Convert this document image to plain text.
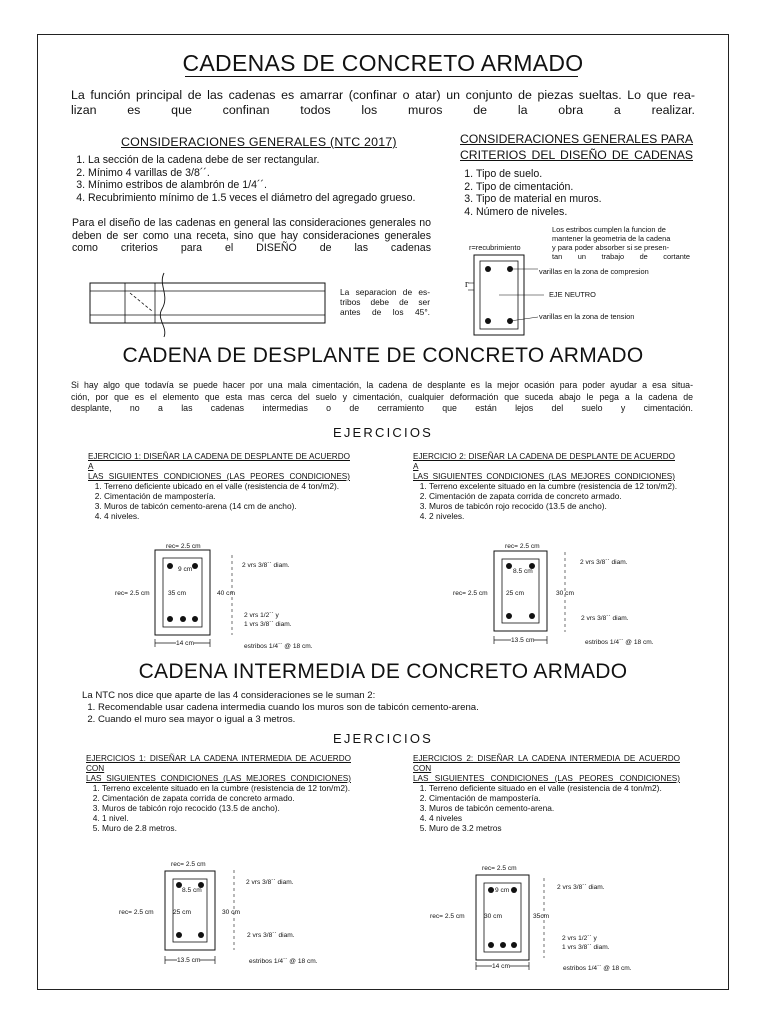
CADENAS DE CONCRETO ARMADO
La función principal de las cadenas es amarrar (confinar o atar) un conjunto de piezas sueltas. Lo que rea-
lizan es que confinan todos los muros de la obra a realizar.
CONSIDERACIONES GENERALES (NTC 2017)
1. La sección de la cadena debe de ser rectangular.
2. Mínimo 4 varillas de 3/8´´.
3. Mínimo estribos de alambrón de 1/4´´.
4. Recubrimiento mínimo de 1.5 veces el diámetro del agregado grueso.
Para el diseño de las cadenas en general las consideraciones generales no
deben de ser como una receta, sino que hay consideraciones generales
como criterios para el DISEÑO de las cadenas
CONSIDERACIONES GENERALES PARA
CRITERIOS DEL DISEÑO DE CADENAS
1. Tipo de suelo.
2. Tipo de cimentación.
3. Tipo de material en muros.
4. Número de niveles.
La separacion de es-
tribos debe de ser
antes de los 45°.
Los estribos cumplen la funcion de
mantener la geometria de la cadena
y para poder absorber si se presen-
tan un trabajo de cortante
r=recubrimiento
r
varillas en la zona de compresion
EJE NEUTRO
varillas en la zona de tension
CADENA DE DESPLANTE DE CONCRETO ARMADO
Si hay algo que todavía se puede hacer por una mala cimentación, la cadena de desplante es la mejor ocasión para poder ayudar a esa situa-
ción, por que es el elemento que esta mas cerca del suelo y cimentación, cualquier deformación que suceda abajo le pega a la cadena de
desplante, no a las cadenas intermedias o de cerramiento que están lejos del suelo y cimentación.
EJERCICIOS
EJERCICIO 1: DISEÑAR LA CADENA DE DESPLANTE DE ACUERDO A
LAS SIGUIENTES CONDICIONES (LAS PEORES CONDICIONES)
1. Terreno deficiente ubicado en el valle (resistencia de 4 ton/m2).
2. Cimentación de mampostería.
3. Muros de tabicón cemento-arena (14 cm de ancho).
4. 4 niveles.
rec= 2.5 cm
rec= 2.5 cm
9 cm
35 cm	40 cm
14 cm
2 vrs 3/8´´ diam.
2 vrs 1/2´´ y
1 vrs 3/8´´ diam.
estribos 1/4´´ @ 18 cm.
EJERCICIO 2: DISEÑAR LA CADENA DE DESPLANTE DE ACUERDO A
LAS SIGUIENTES CONDICIONES (LAS MEJORES CONDICIONES)
1. Terreno excelente situado en la cumbre (resistencia de 12 ton/m2).
2. Cimentación de zapata corrida de concreto armado.
3. Muros de tabicón rojo recocido (13.5 de ancho).
4. 2 niveles.
rec= 2.5 cm
rec= 2.5 cm
8.5 cm
25 cm	30 cm
13.5 cm
2 vrs 3/8´´ diam.
2 vrs 3/8´´ diam.
estribos 1/4´´ @ 18 cm.
CADENA INTERMEDIA DE CONCRETO ARMADO
La NTC nos dice que aparte de las 4 consideraciones se le suman 2:
1. Recomendable usar cadena intermedia cuando los muros son de tabicón cemento-arena.
2. Cuando el muro sea mayor o igual a 3 metros.
EJERCICIOS
EJERCICIOS 1: DISEÑAR LA CADENA INTERMEDIA DE ACUERDO CON
LAS SIGUIENTES CONDICIONES (LAS MEJORES CONDICIONES)
1. Terreno excelente situado en la cumbre (resistencia de 12 ton/m2).
2. Cimentación de zapata corrida de concreto armado.
3. Muros de tabicón rojo recocido (13.5 de ancho).
4. 1 nivel.
5. Muro de 2.8 metros.
rec= 2.5 cm
rec= 2.5 cm
8.5 cm
25 cm	30 cm
13.5 cm
2 vrs 3/8´´ diam.
2 vrs 3/8´´ diam.
estribos 1/4´´ @ 18 cm.
EJERCICIOS 2: DISEÑAR LA CADENA INTERMEDIA DE ACUERDO CON
LAS SIGUIENTES CONDICIONES (LAS PEORES CONDICIONES)
1. Terreno deficiente situado en el valle (resistencia de 4 ton/m2).
2. Cimentación de mampostería.
3. Muros de tabicón cemento-arena.
4. 4 niveles
5. Muro de 3.2 metros
rec= 2.5 cm
rec= 2.5 cm
9 cm
30 cm	35cm
14 cm
2 vrs 3/8´´ diam.
2 vrs 1/2´´ y
1 vrs 3/8´´ diam.
estribos 1/4´´ @ 18 cm.
